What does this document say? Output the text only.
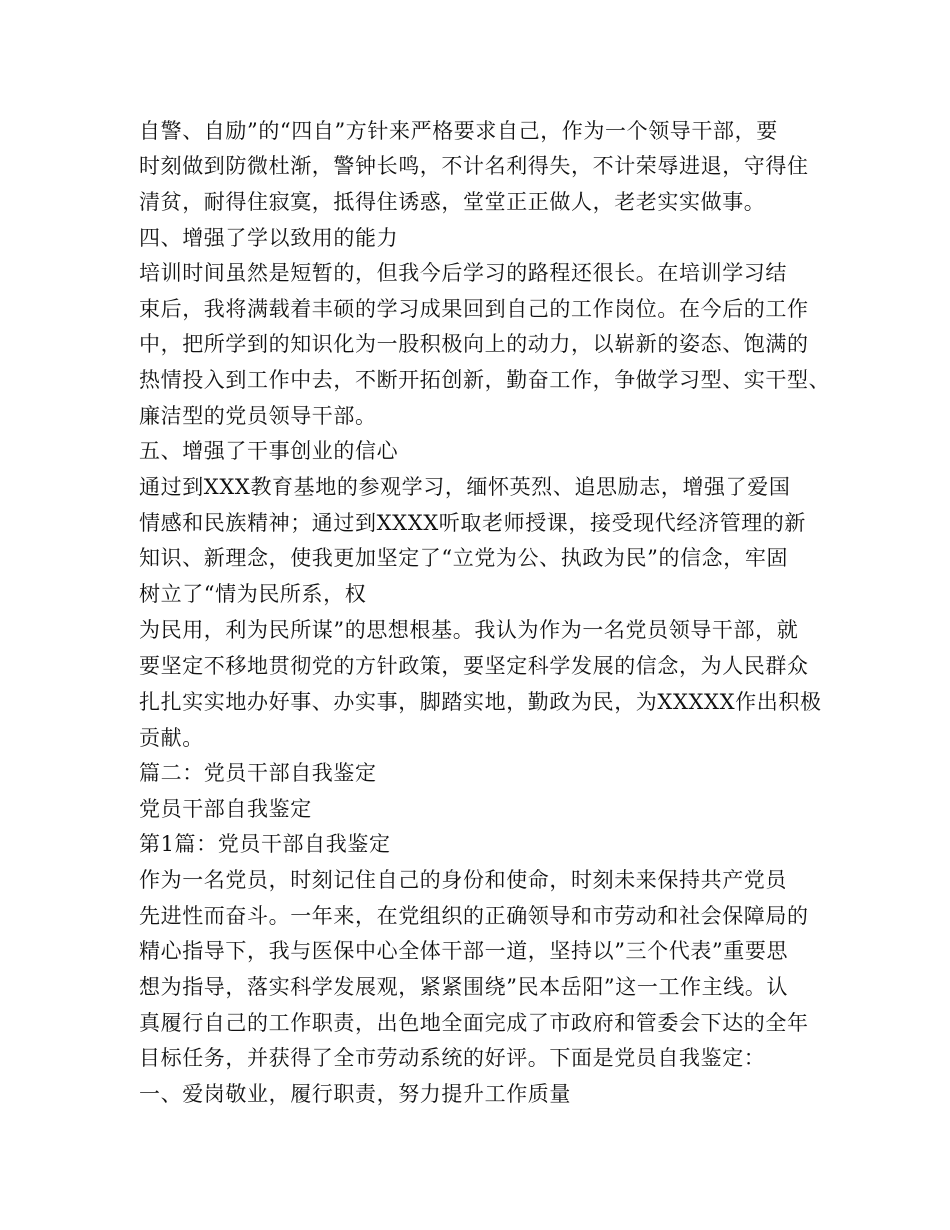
自警、自励”的“四自”方针来严格要求自己，作为一个领导干部，要
时刻做到防微杜渐，警钟长鸣，不计名利得失，不计荣辱进退，守得住
清贫，耐得住寂寞，抵得住诱惑，堂堂正正做人，老老实实做事。
四、增强了学以致用的能力
培训时间虽然是短暂的，但我今后学习的路程还很长。在培训学习结
束后，我将满载着丰硕的学习成果回到自己的工作岗位。在今后的工作
中，把所学到的知识化为一股积极向上的动力，以崭新的姿态、饱满的
热情投入到工作中去，不断开拓创新，勤奋工作，争做学习型、实干型、
廉洁型的党员领导干部。
五、增强了干事创业的信心
通过到XXX教育基地的参观学习，缅怀英烈、追思励志，增强了爱国
情感和民族精神；通过到XXXX听取老师授课，接受现代经济管理的新
知识、新理念，使我更加坚定了“立党为公、执政为民”的信念，牢固
树立了“情为民所系，权
为民用，利为民所谋”的思想根基。我认为作为一名党员领导干部，就
要坚定不移地贯彻党的方针政策，要坚定科学发展的信念，为人民群众
扎扎实实地办好事、办实事，脚踏实地，勤政为民，为XXXXX作出积极
贡献。
篇二：党员干部自我鉴定
党员干部自我鉴定
第1篇：党员干部自我鉴定
作为一名党员，时刻记住自己的身份和使命，时刻未来保持共产党员
先进性而奋斗。一年来，在党组织的正确领导和市劳动和社会保障局的
精心指导下，我与医保中心全体干部一道，坚持以”三个代表”重要思
想为指导，落实科学发展观，紧紧围绕”民本岳阳”这一工作主线。认
真履行自己的工作职责，出色地全面完成了市政府和管委会下达的全年
目标任务，并获得了全市劳动系统的好评。下面是党员自我鉴定：
一、爱岗敬业，履行职责，努力提升工作质量
